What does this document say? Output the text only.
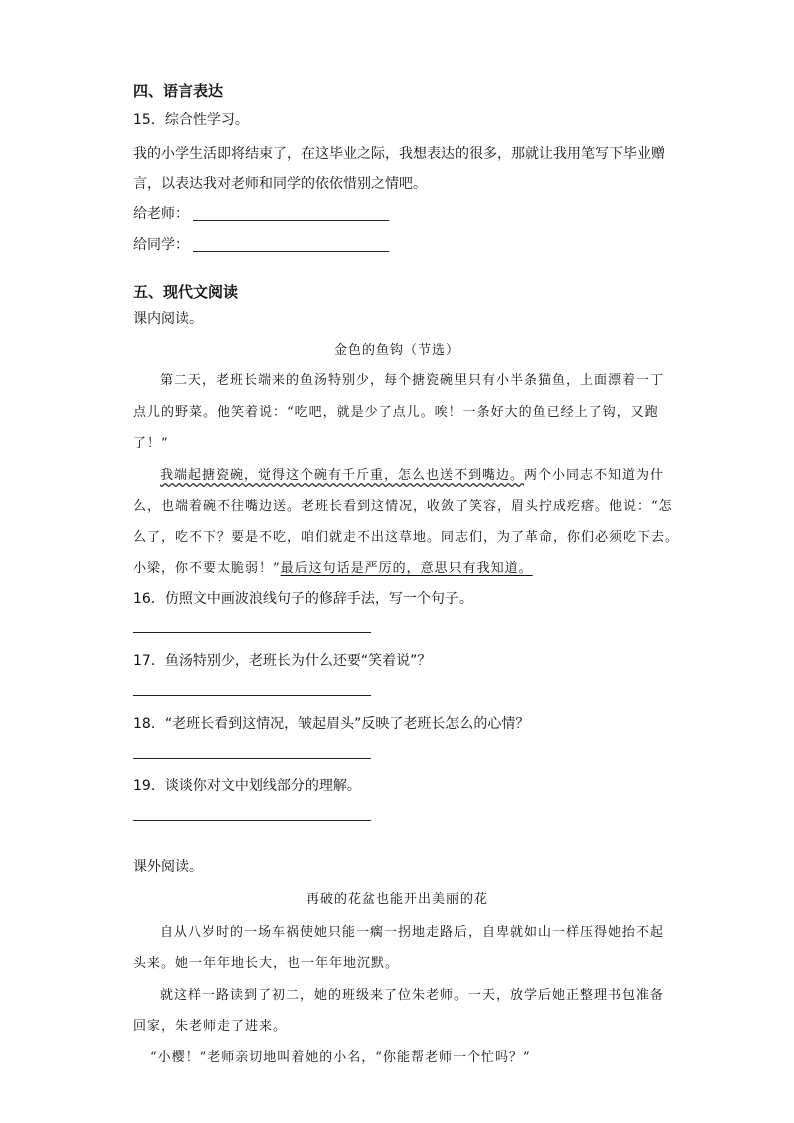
四、语言表达
15．综合性学习。
我的小学生活即将结束了，在这毕业之际，我想表达的很多，那就让我用笔写下毕业赠
言，以表达我对老师和同学的依依惜别之情吧。
给老师：
给同学：
五、现代文阅读
课内阅读。
金色的鱼钩（节选）
第二天，老班长端来的鱼汤特别少，每个搪瓷碗里只有小半条猫鱼，上面漂着一丁
点儿的野菜。他笑着说：“吃吧，就是少了点儿。唉！一条好大的鱼已经上了钩，又跑
了！”
我端起搪瓷碗，觉得这个碗有千斤重，怎么也送不到嘴边。两个小同志不知道为什
么，也端着碗不往嘴边送。老班长看到这情况，收敛了笑容，眉头拧成疙瘩。他说：“怎
么了，吃不下？要是不吃，咱们就走不出这草地。同志们，为了革命，你们必须吃下去。
小梁，你不要太脆弱！”最后这句话是严厉的，意思只有我知道。
16．仿照文中画波浪线句子的修辞手法，写一个句子。
17．鱼汤特别少，老班长为什么还要“笑着说”？
18．“老班长看到这情况，皱起眉头”反映了老班长怎么的心情？
19．谈谈你对文中划线部分的理解。
课外阅读。
再破的花盆也能开出美丽的花
自从八岁时的一场车祸使她只能一瘸一拐地走路后，自卑就如山一样压得她抬不起
头来。她一年年地长大，也一年年地沉默。
就这样一路读到了初二，她的班级来了位朱老师。一天，放学后她正整理书包准备
回家，朱老师走了进来。
“小樱！”老师亲切地叫着她的小名，“你能帮老师一个忙吗？”
